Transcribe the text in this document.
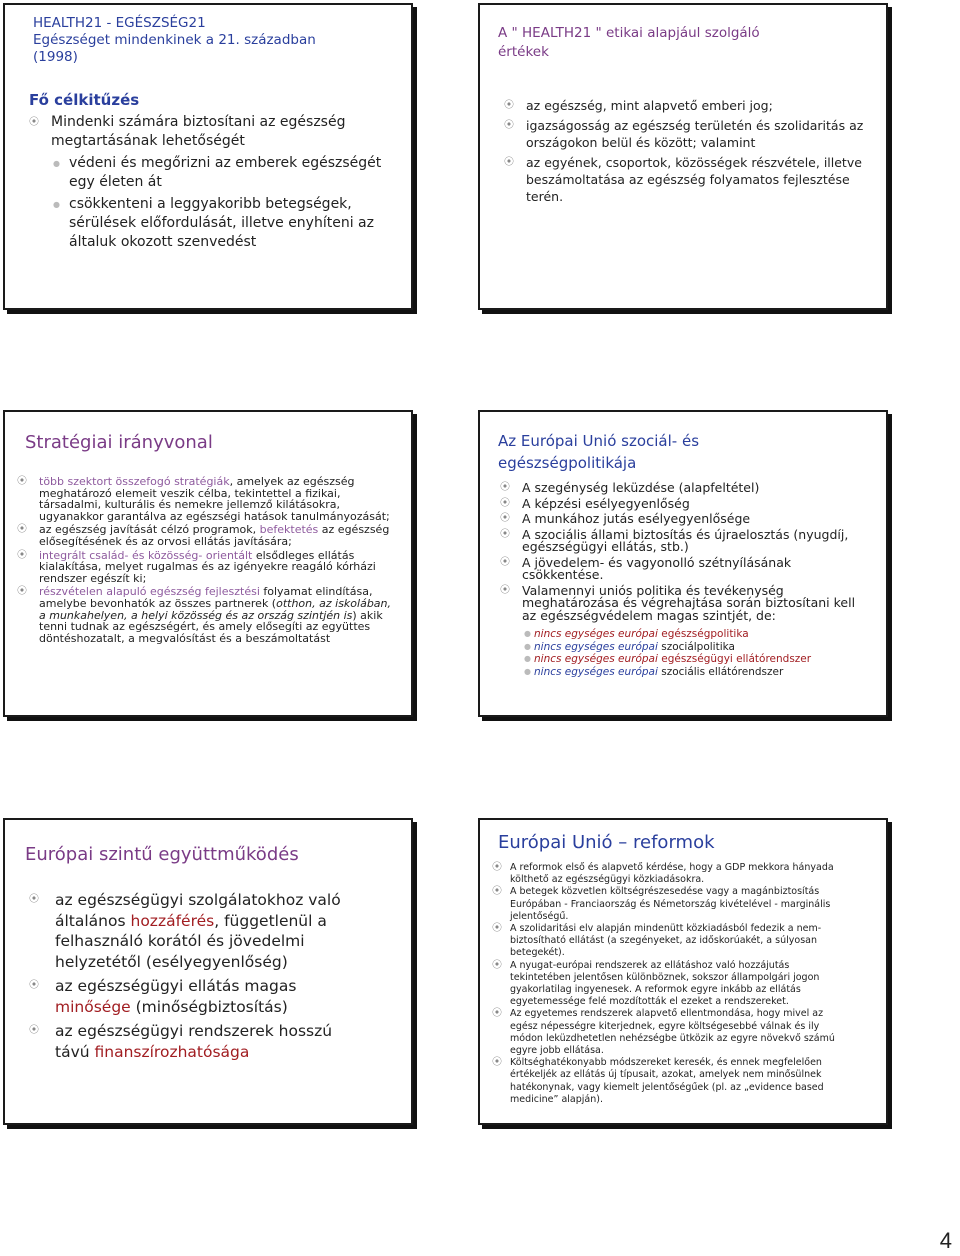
HEALTH21 - EGÉSZSÉG21
Egészséget mindenkinek a 21. században
(1998)
Fő célkitűzés
⦿ Mindenki számára biztosítani az egészség megtartásának lehetőségét
● védeni és megőrizni az emberek egészségét egy életen át
● csökkenteni a leggyakoribb betegségek, sérülések előfordulását, illetve enyhíteni az általuk okozott szenvedést
A " HEALTH21 " etikai alapjául szolgáló
értékek
⦿ az egészség, mint alapvető emberi jog;
⦿ igazságosság az egészség területén és szolidaritás az országokon belül és között; valamint
⦿ az egyének, csoportok, közösségek részvétele, illetve beszámoltatása az egészség folyamatos fejlesztése terén.
Stratégiai irányvonal
⦿ több szektort összefogó stratégiák, amelyek az egészség meghatározó elemeit veszik célba, tekintettel a fizikai, társadalmi, kulturális és nemekre jellemző kilátásokra, ugyanakkor garantálva az egészségi hatások tanulmányozását;
⦿ az egészség javítását célzó programok, befektetés az egészség elősegítésének és az orvosi ellátás javítására;
⦿ integrált család- és közösség- orientált elsődleges ellátás kialakítása, melyet rugalmas és az igényekre reagáló kórházi rendszer egészít ki;
⦿ részvételen alapuló egészség fejlesztési folyamat elindítása, amelybe bevonhatók az összes partnerek (otthon, az iskolában, a munkahelyen, a helyi közösség és az ország szintjén is) akik tenni tudnak az egészségért, és amely elősegíti az együttes döntéshozatalt, a megvalósítást és a beszámoltatást
Az Európai Unió szociál- és
egészségpolitikája
⦿ A szegénység leküzdése (alapfeltétel)
⦿ A képzési esélyegyenlőség
⦿ A munkához jutás esélyegyenlősége
⦿ A szociális állami biztosítás és újraelosztás (nyugdíj, egészségügyi ellátás, stb.)
⦿ A jövedelem- és vagyonolló szétnyílásának csökkentése.
⦿ Valamennyi uniós politika és tevékenység meghatározása és végrehajtása során biztosítani kell az egészségvédelem magas szintjét, de:
● nincs egységes európai egészségpolitika
● nincs egységes európai szociálpolitika
● nincs egységes európai egészségügyi ellátórendszer
● nincs egységes európai szociális ellátórendszer
Európai szintű együttműködés
⦿ az egészségügyi szolgálatokhoz való általános hozzáférés, függetlenül a felhasználó korától és jövedelmi helyzetétől (esélyegyenlőség)
⦿ az egészségügyi ellátás magas minősége (minőségbiztosítás)
⦿ az egészségügyi rendszerek hosszú távú finanszírozhatósága
Európai Unió – reformok
⦿ A reformok első és alapvető kérdése, hogy a GDP mekkora hányada költhető az egészségügyi közkiadásokra.
⦿ A betegek közvetlen költségrészesedése vagy a magánbiztosítás Európában - Franciaország és Németország kivételével - marginális jelentőségű.
⦿ A szolidaritási elv alapján mindenütt közkiadásból fedezik a nem-biztosítható ellátást (a szegényeket, az időskorúakét, a súlyosan betegekét).
⦿ A nyugat-európai rendszerek az ellátáshoz való hozzájutás tekintetében jelentősen különböznek, sokszor állampolgári jogon gyakorlatilag ingyenesek. A reformok egyre inkább az ellátás egyetemessége felé mozdították el ezeket a rendszereket.
⦿ Az egyetemes rendszerek alapvető ellentmondása, hogy mivel az egész népességre kiterjednek, egyre költségesebbé válnak és ily módon leküzdhetetlen nehézségbe ütközik az egyre növekvő számú egyre jobb ellátása.
⦿ Költséghatékonyabb módszereket keresék, és ennek megfelelően értékeljék az ellátás új típusait, azokat, amelyek nem minősülnek hatékonynak, vagy kiemelt jelentőségűek (pl. az „evidence based medicine” alapján).
4
